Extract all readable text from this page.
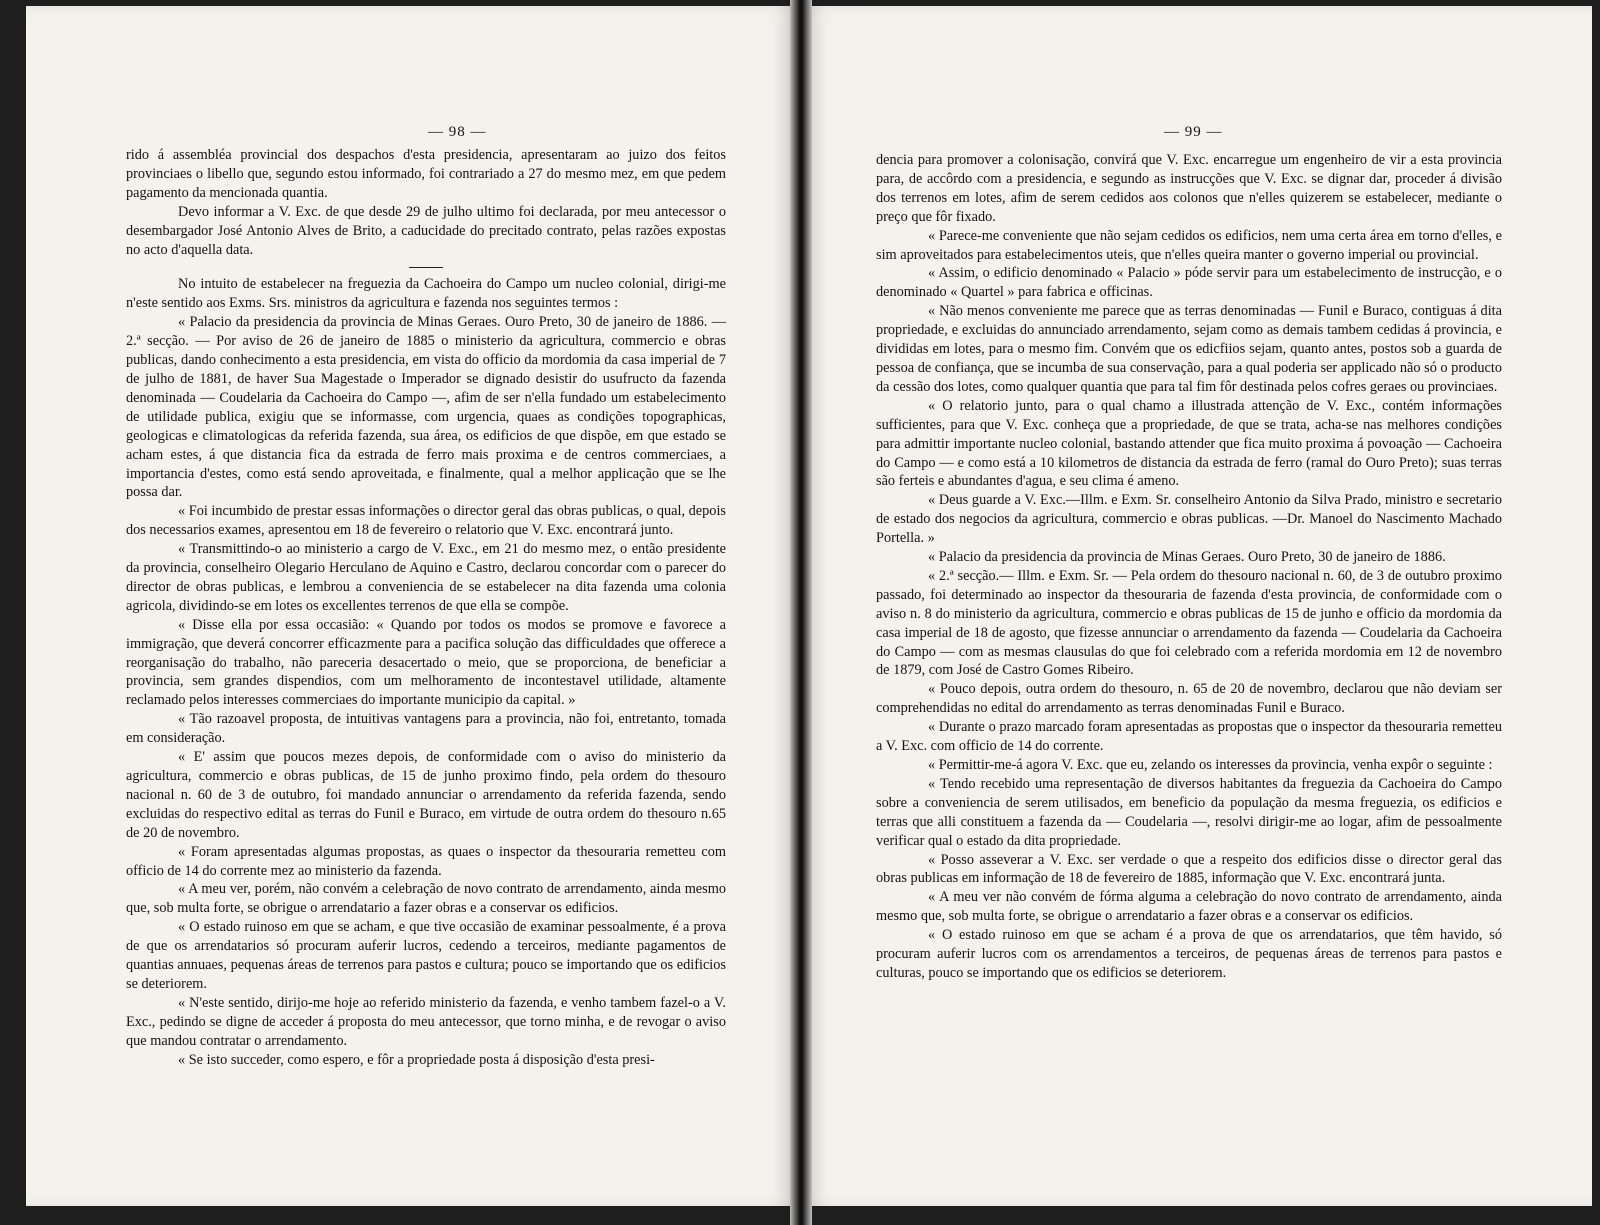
— 98 —

rido á assembléa provincial dos despachos d'esta presidencia, apresentaram ao juizo dos feitos provinciaes o libello que, segundo estou informado, foi contrariado a 27 do mesmo mez, em que pedem pagamento da mencionada quantia.

Devo informar a V. Exc. de que desde 29 de julho ultimo foi declarada, por meu antecessor o desembargador José Antonio Alves de Brito, a caducidade do precitado contrato, pelas razões expostas no acto d'aquella data.

No intuito de estabelecer na freguezia da Cachoeira do Campo um nucleo colonial, dirigi-me n'este sentido aos Exms. Srs. ministros da agricultura e fazenda nos seguintes termos :

« Palacio da presidencia da provincia de Minas Geraes. Ouro Preto, 30 de janeiro de 1886. —2.ª secção. — Por aviso de 26 de janeiro de 1885 o ministerio da agricultura, commercio e obras publicas, dando conhecimento a esta presidencia, em vista do officio da mordomia da casa imperial de 7 de julho de 1881, de haver Sua Magestade o Imperador se dignado desistir do usufructo da fazenda denominada — Coudelaria da Cachoeira do Campo —, afim de ser n'ella fundado um estabelecimento de utilidade publica, exigiu que se informasse, com urgencia, quaes as condições topographicas, geologicas e climatologicas da referida fazenda, sua área, os edificios de que dispõe, em que estado se acham estes, á que distancia fica da estrada de ferro mais proxima e de centros commerciaes, a importancia d'estes, como está sendo aproveitada, e finalmente, qual a melhor applicação que se lhe possa dar.

« Foi incumbido de prestar essas informações o director geral das obras publicas, o qual, depois dos necessarios exames, apresentou em 18 de fevereiro o relatorio que V. Exc. encontrará junto.

« Transmittindo-o ao ministerio a cargo de V. Exc., em 21 do mesmo mez, o então presidente da provincia, conselheiro Olegario Herculano de Aquino e Castro, declarou concordar com o parecer do director de obras publicas, e lembrou a conveniencia de se estabelecer na dita fazenda uma colonia agricola, dividindo-se em lotes os excellentes terrenos de que ella se compõe.

« Disse ella por essa occasião: « Quando por todos os modos se promove e favorece a immigração, que deverá concorrer efficazmente para a pacifica solução das difficuldades que offerece a reorganisação do trabalho, não pareceria desacertado o meio, que se proporciona, de beneficiar a provincia, sem grandes dispendios, com um melhoramento de incontestavel utilidade, altamente reclamado pelos interesses commerciaes do importante municipio da capital. »

« Tão razoavel proposta, de intuitivas vantagens para a provincia, não foi, entretanto, tomada em consideração.

« E' assim que poucos mezes depois, de conformidade com o aviso do ministerio da agricultura, commercio e obras publicas, de 15 de junho proximo findo, pela ordem do thesouro nacional n. 60 de 3 de outubro, foi mandado annunciar o arrendamento da referida fazenda, sendo excluidas do respectivo edital as terras do Funil e Buraco, em virtude de outra ordem do thesouro n.65 de 20 de novembro.

« Foram apresentadas algumas propostas, as quaes o inspector da thesouraria remetteu com officio de 14 do corrente mez ao ministerio da fazenda.

« A meu ver, porém, não convém a celebração de novo contrato de arrendamento, ainda mesmo que, sob multa forte, se obrigue o arrendatario a fazer obras e a conservar os edificios.

« O estado ruinoso em que se acham, e que tive occasião de examinar pessoalmente, é a prova de que os arrendatarios só procuram auferir lucros, cedendo a terceiros, mediante pagamentos de quantias annuaes, pequenas áreas de terrenos para pastos e cultura; pouco se importando que os edificios se deteriorem.

« N'este sentido, dirijo-me hoje ao referido ministerio da fazenda, e venho tambem fazel-o a V. Exc., pedindo se digne de acceder á proposta do meu antecessor, que torno minha, e de revogar o aviso que mandou contratar o arrendamento.

« Se isto succeder, como espero, e fôr a propriedade posta á disposição d'esta presi-

— 99 —

dencia para promover a colonisação, convirá que V. Exc. encarregue um engenheiro de vir a esta provincia para, de accôrdo com a presidencia, e segundo as instrucções que V. Exc. se dignar dar, proceder á divisão dos terrenos em lotes, afim de serem cedidos aos colonos que n'elles quizerem se estabelecer, mediante o preço que fôr fixado.

« Parece-me conveniente que não sejam cedidos os edificios, nem uma certa área em torno d'elles, e sim aproveitados para estabelecimentos uteis, que n'elles queira manter o governo imperial ou provincial.

« Assim, o edificio denominado « Palacio » póde servir para um estabelecimento de instrucção, e o denominado « Quartel » para fabrica e officinas.

« Não menos conveniente me parece que as terras denominadas — Funil e Buraco, contiguas á dita propriedade, e excluidas do annunciado arrendamento, sejam como as demais tambem cedidas á provincia, e divididas em lotes, para o mesmo fim. Convém que os edicfiios sejam, quanto antes, postos sob a guarda de pessoa de confiança, que se incumba de sua conservação, para a qual poderia ser applicado não só o producto da cessão dos lotes, como qualquer quantia que para tal fim fôr destinada pelos cofres geraes ou provinciaes.

« O relatorio junto, para o qual chamo a illustrada attenção de V. Exc., contém informações sufficientes, para que V. Exc. conheça que a propriedade, de que se trata, acha-se nas melhores condições para admittir importante nucleo colonial, bastando attender que fica muito proxima á povoação — Cachoeira do Campo — e como está a 10 kilometros de distancia da estrada de ferro (ramal do Ouro Preto); suas terras são ferteis e abundantes d'agua, e seu clima é ameno.

« Deus guarde a V. Exc.—Illm. e Exm. Sr. conselheiro Antonio da Silva Prado, ministro e secretario de estado dos negocios da agricultura, commercio e obras publicas. —Dr. Manoel do Nascimento Machado Portella. »

« Palacio da presidencia da provincia de Minas Geraes. Ouro Preto, 30 de janeiro de 1886.

« 2.ª secção.— Illm. e Exm. Sr. — Pela ordem do thesouro nacional n. 60, de 3 de outubro proximo passado, foi determinado ao inspector da thesouraria de fazenda d'esta provincia, de conformidade com o aviso n. 8 do ministerio da agricultura, commercio e obras publicas de 15 de junho e officio da mordomia da casa imperial de 18 de agosto, que fizesse annunciar o arrendamento da fazenda — Coudelaria da Cachoeira do Campo — com as mesmas clausulas do que foi celebrado com a referida mordomia em 12 de novembro de 1879, com José de Castro Gomes Ribeiro.

« Pouco depois, outra ordem do thesouro, n. 65 de 20 de novembro, declarou que não deviam ser comprehendidas no edital do arrendamento as terras denominadas Funil e Buraco.

« Durante o prazo marcado foram apresentadas as propostas que o inspector da thesouraria remetteu a V. Exc. com officio de 14 do corrente.

« Permittir-me-á agora V. Exc. que eu, zelando os interesses da provincia, venha expôr o seguinte :

« Tendo recebido uma representação de diversos habitantes da freguezia da Cachoeira do Campo sobre a conveniencia de serem utilisados, em beneficio da população da mesma freguezia, os edificios e terras que alli constituem a fazenda da — Coudelaria —, resolvi dirigir-me ao logar, afim de pessoalmente verificar qual o estado da dita propriedade.

« Posso asseverar a V. Exc. ser verdade o que a respeito dos edificios disse o director geral das obras publicas em informação de 18 de fevereiro de 1885, informação que V. Exc. encontrará junta.

« A meu ver não convém de fórma alguma a celebração do novo contrato de arrendamento, ainda mesmo que, sob multa forte, se obrigue o arrendatario a fazer obras e a conservar os edificios.

« O estado ruinoso em que se acham é a prova de que os arrendatarios, que têm havido, só procuram auferir lucros com os arrendamentos a terceiros, de pequenas áreas de terrenos para pastos e culturas, pouco se importando que os edificios se deteriorem.
